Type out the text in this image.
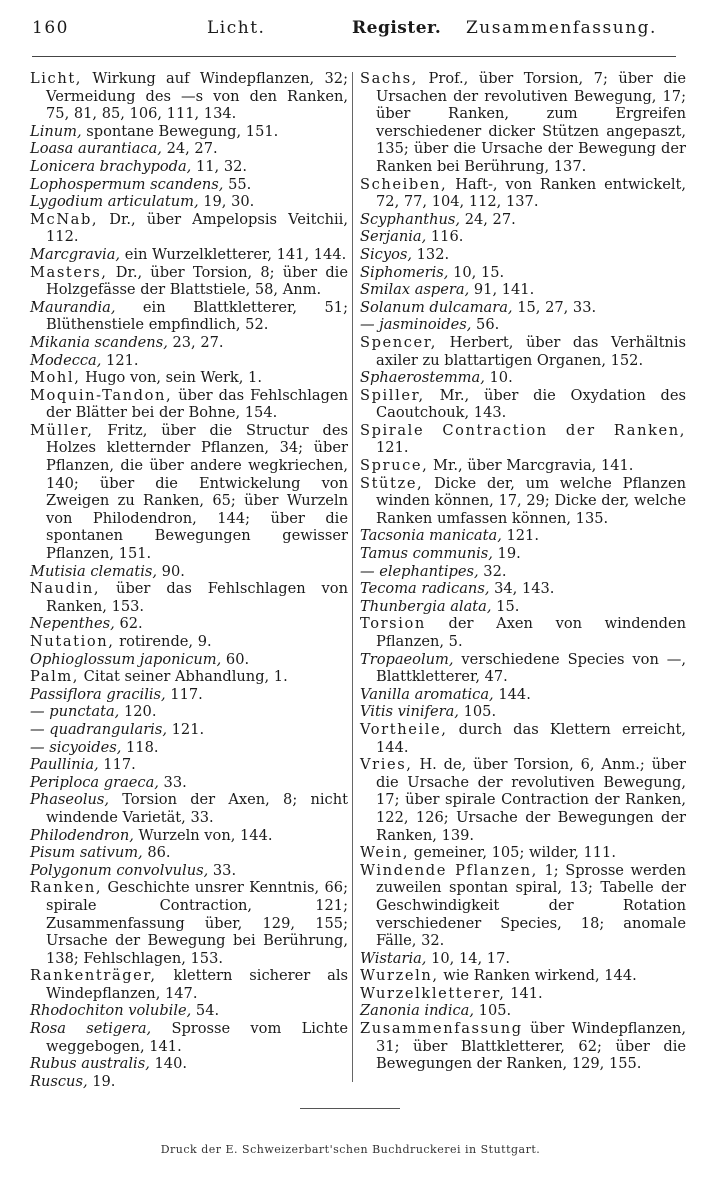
160	Licht.	Register. Zusammenfassung.

Licht, Wirkung auf Windepflanzen, 32; Vermeidung des —s von den Ranken, 75, 81, 85, 106, 111, 134.

Linum, spontane Bewegung, 151.

Loasa aurantiaca, 24, 27.

Lonicera brachypoda, 11, 32.

Lophospermum scandens, 55.

Lygodium articulatum, 19, 30.

McNab, Dr., über Ampelopsis Veitchii, 112.

Marcgravia, ein Wurzelkletterer, 141, 144.

Masters, Dr., über Torsion, 8; über die Holzgefässe der Blattstiele, 58, Anm.

Maurandia, ein Blattkletterer, 51; Blüthenstiele empfindlich, 52.

Mikania scandens, 23, 27.

Modecca, 121.

Mohl, Hugo von, sein Werk, 1.

Moquin-Tandon, über das Fehlschlagen der Blätter bei der Bohne, 154.

Müller, Fritz, über die Structur des Holzes kletternder Pflanzen, 34; über Pflanzen, die über andere wegkriechen, 140; über die Entwickelung von Zweigen zu Ranken, 65; über Wurzeln von Philodendron, 144; über die spontanen Bewegungen gewisser Pflanzen, 151.

Mutisia clematis, 90.

Naudin, über das Fehlschlagen von Ranken, 153.

Nepenthes, 62.

Nutation, rotirende, 9.

Ophioglossum japonicum, 60.

Palm, Citat seiner Abhandlung, 1.

Passiflora gracilis, 117.

— punctata, 120.

— quadrangularis, 121.

— sicyoides, 118.

Paullinia, 117.

Periploca graeca, 33.

Phaseolus, Torsion der Axen, 8; nicht windende Varietät, 33.

Philodendron, Wurzeln von, 144.

Pisum sativum, 86.

Polygonum convolvulus, 33.

Ranken, Geschichte unsrer Kenntnis, 66; spirale Contraction, 121; Zusammenfassung über, 129, 155; Ursache der Bewegung bei Berührung, 138; Fehlschlagen, 153.

Rankenträger, klettern sicherer als Windepflanzen, 147.

Rhodochiton volubile, 54.

Rosa setigera, Sprosse vom Lichte weggebogen, 141.

Rubus australis, 140.

Ruscus, 19.

Sachs, Prof., über Torsion, 7; über die Ursachen der revolutiven Bewegung, 17; über Ranken, zum Ergreifen verschiedener dicker Stützen angepaszt, 135; über die Ursache der Bewegung der Ranken bei Berührung, 137.

Scheiben, Haft-, von Ranken entwickelt, 72, 77, 104, 112, 137.

Scyphanthus, 24, 27.

Serjania, 116.

Sicyos, 132.

Siphomeris, 10, 15.

Smilax aspera, 91, 141.

Solanum dulcamara, 15, 27, 33.

— jasminoides, 56.

Spencer, Herbert, über das Verhältnis axiler zu blattartigen Organen, 152.

Sphaerostemma, 10.

Spiller, Mr., über die Oxydation des Caoutchouk, 143.

Spirale Contraction der Ranken, 121.

Spruce, Mr., über Marcgravia, 141.

Stütze, Dicke der, um welche Pflanzen winden können, 17, 29; Dicke der, welche Ranken umfassen können, 135.

Tacsonia manicata, 121.

Tamus communis, 19.

— elephantipes, 32.

Tecoma radicans, 34, 143.

Thunbergia alata, 15.

Torsion der Axen von windenden Pflanzen, 5.

Tropaeolum, verschiedene Species von —, Blattkletterer, 47.

Vanilla aromatica, 144.

Vitis vinifera, 105.

Vortheile, durch das Klettern erreicht, 144.

Vries, H. de, über Torsion, 6, Anm.; über die Ursache der revolutiven Bewegung, 17; über spirale Contraction der Ranken, 122, 126; Ursache der Bewegungen der Ranken, 139.

Wein, gemeiner, 105; wilder, 111.

Windende Pflanzen, 1; Sprosse werden zuweilen spontan spiral, 13; Tabelle der Geschwindigkeit der Rotation verschiedener Species, 18; anomale Fälle, 32.

Wistaria, 10, 14, 17.

Wurzeln, wie Ranken wirkend, 144.

Wurzelkletterer, 141.

Zanonia indica, 105.

Zusammenfassung über Windepflanzen, 31; über Blattkletterer, 62; über die Bewegungen der Ranken, 129, 155.

Druck der E. Schweizerbart'schen Buchdruckerei in Stuttgart.
